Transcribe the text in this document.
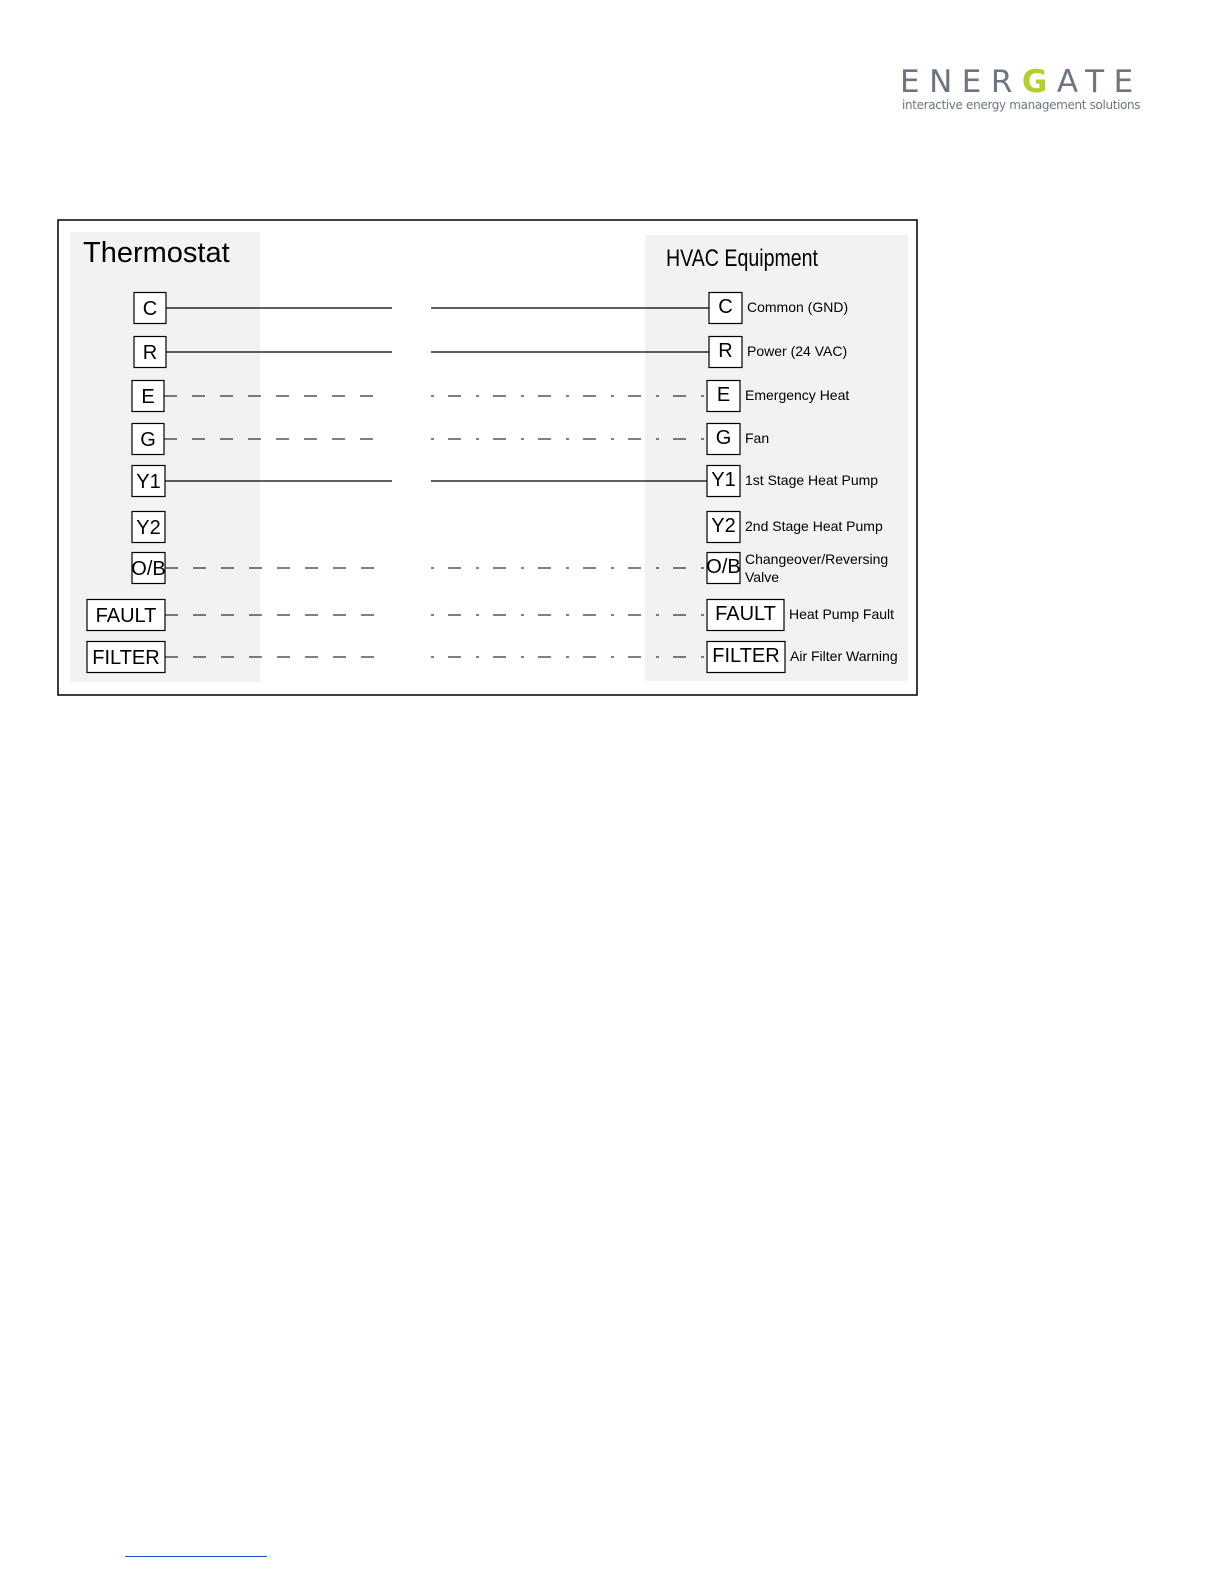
ENERGATE
interactive energy management solutions
Thermostat	HVAC Equipment
C	C Common (GND)
R	R Power (24 VAC)
E	E Emergency Heat
G	G Fan
Y1	Y1 1st Stage Heat Pump
Y2	Y2 2nd Stage Heat Pump
O/B	O/B Changeover/Reversing
Valve
FAULT	FAULT Heat Pump Fault
FILTER	FILTER Air Filter Warning
